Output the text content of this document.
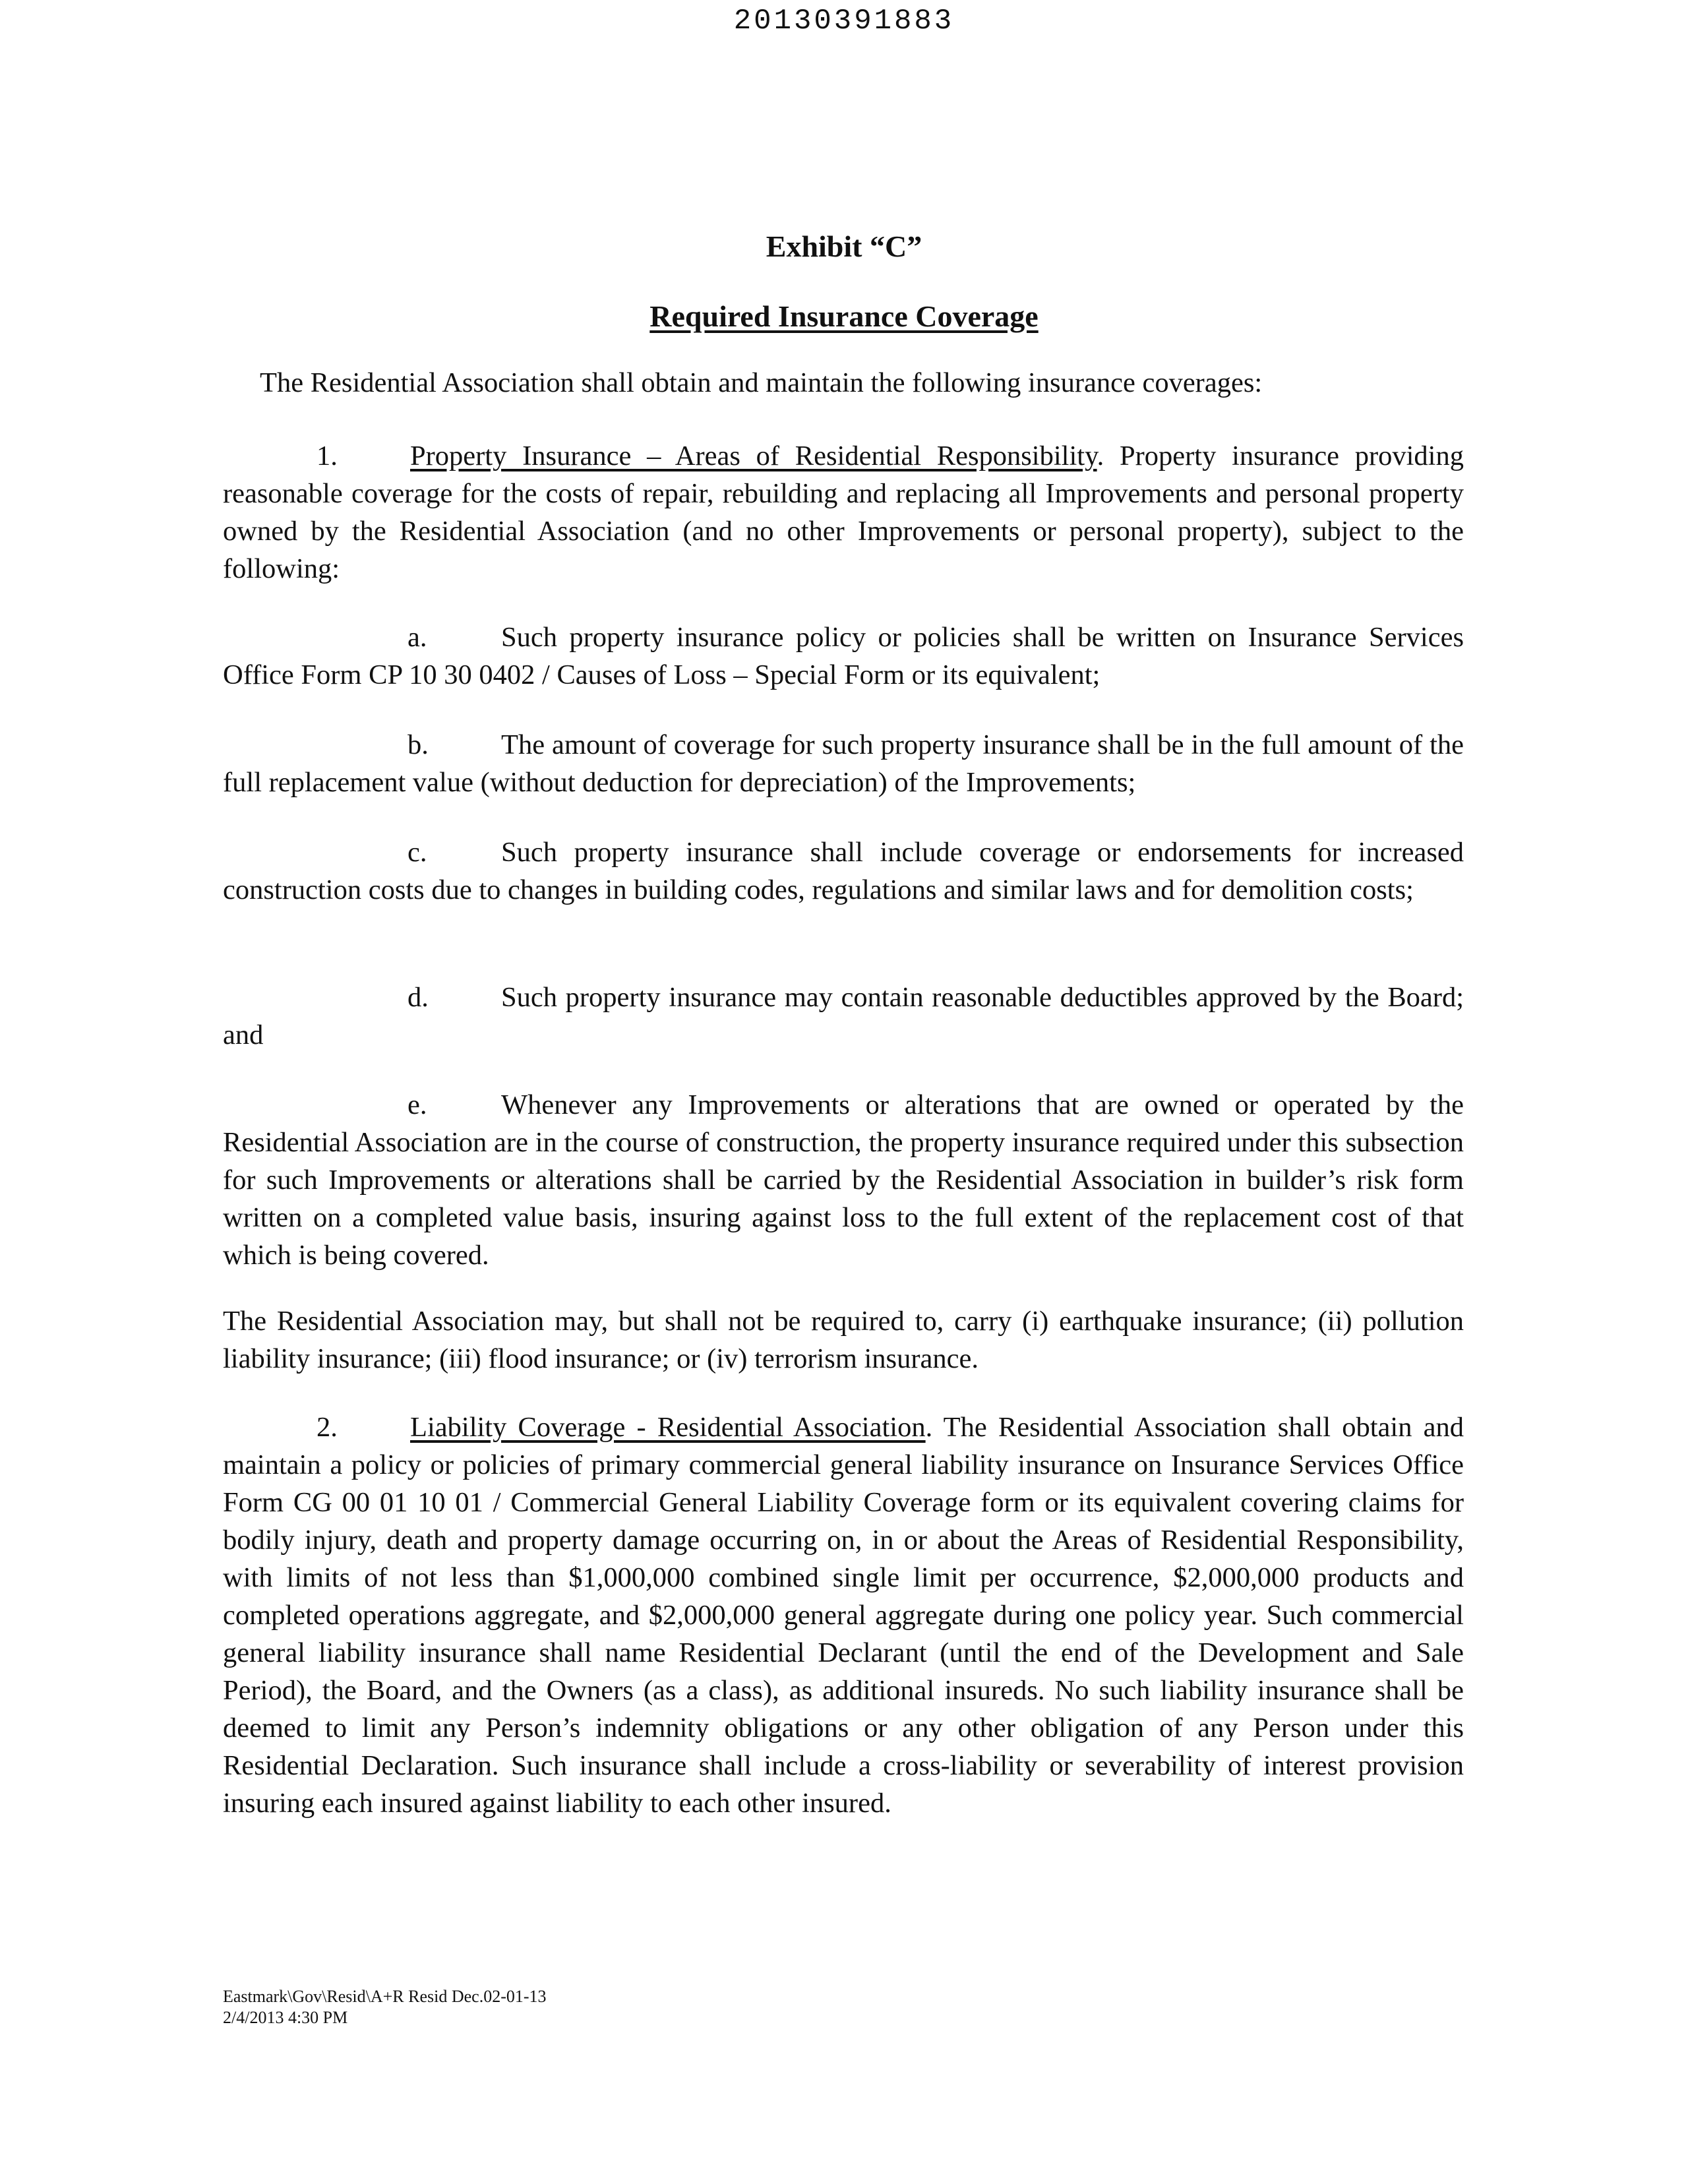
20130391883
Exhibit “C”
Required Insurance Coverage

The Residential Association shall obtain and maintain the following insurance coverages:

1.	Property Insurance – Areas of Residential Responsibility. Property insurance providing reasonable coverage for the costs of repair, rebuilding and replacing all Improvements and personal property owned by the Residential Association (and no other Improvements or personal property), subject to the following:

a.	Such property insurance policy or policies shall be written on Insurance Services Office Form CP 10 30 0402 / Causes of Loss – Special Form or its equivalent;

b.	The amount of coverage for such property insurance shall be in the full amount of the full replacement value (without deduction for depreciation) of the Improvements;

c.	Such property insurance shall include coverage or endorsements for increased construction costs due to changes in building codes, regulations and similar laws and for demolition costs;

d.	Such property insurance may contain reasonable deductibles approved by the Board; and

e.	Whenever any Improvements or alterations that are owned or operated by the Residential Association are in the course of construction, the property insurance required under this subsection for such Improvements or alterations shall be carried by the Residential Association in builder’s risk form written on a completed value basis, insuring against loss to the full extent of the replacement cost of that which is being covered.

The Residential Association may, but shall not be required to, carry (i) earthquake insurance; (ii) pollution liability insurance; (iii) flood insurance; or (iv) terrorism insurance.

2.	Liability Coverage - Residential Association. The Residential Association shall obtain and maintain a policy or policies of primary commercial general liability insurance on Insurance Services Office Form CG 00 01 10 01 / Commercial General Liability Coverage form or its equivalent covering claims for bodily injury, death and property damage occurring on, in or about the Areas of Residential Responsibility, with limits of not less than $1,000,000 combined single limit per occurrence, $2,000,000 products and completed operations aggregate, and $2,000,000 general aggregate during one policy year. Such commercial general liability insurance shall name Residential Declarant (until the end of the Development and Sale Period), the Board, and the Owners (as a class), as additional insureds. No such liability insurance shall be deemed to limit any Person’s indemnity obligations or any other obligation of any Person under this Residential Declaration. Such insurance shall include a cross-liability or severability of interest provision insuring each insured against liability to each other insured.

Eastmark\Gov\Resid\A+R Resid Dec.02-01-13
2/4/2013 4:30 PM
